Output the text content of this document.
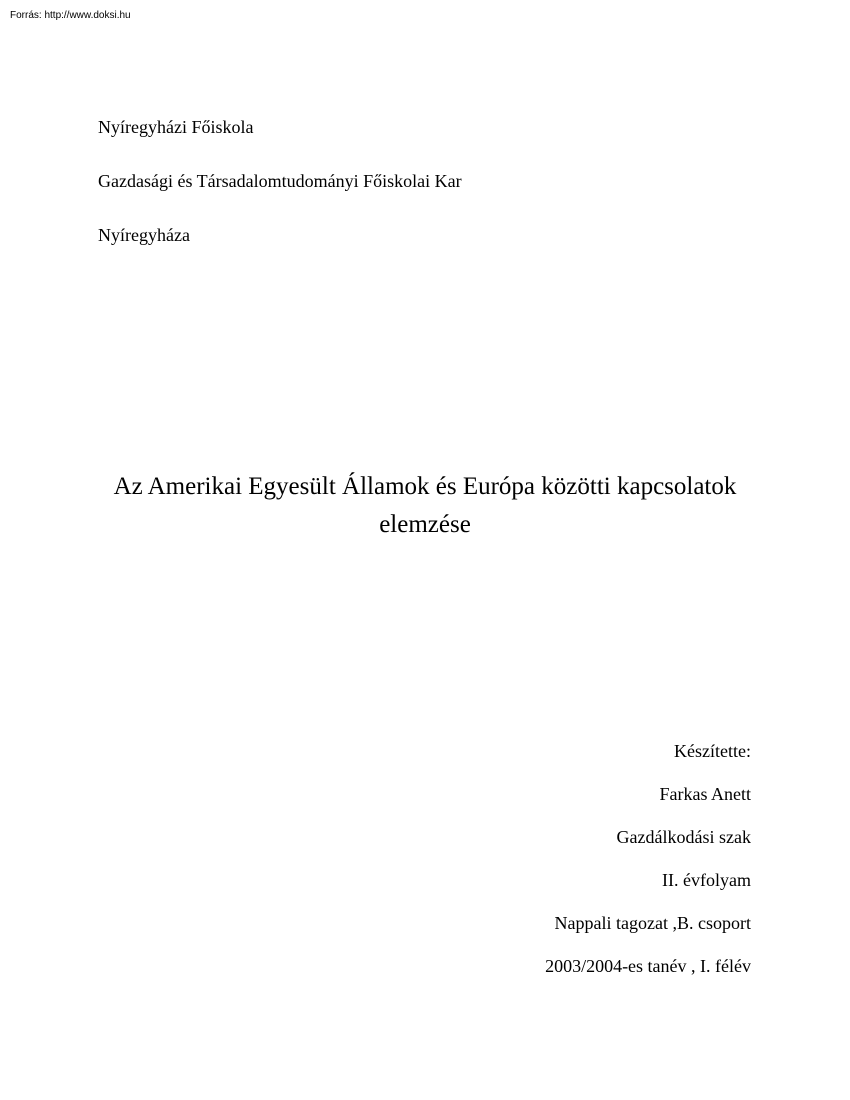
Forrás: http://www.doksi.hu
Nyíregyházi Főiskola
Gazdasági és Társadalomtudományi Főiskolai Kar
Nyíregyháza
Az Amerikai Egyesült Államok és Európa közötti kapcsolatok
elemzése
Készítette:
Farkas Anett
Gazdálkodási szak
II. évfolyam
Nappali tagozat ,B. csoport
2003/2004-es tanév , I. félév
